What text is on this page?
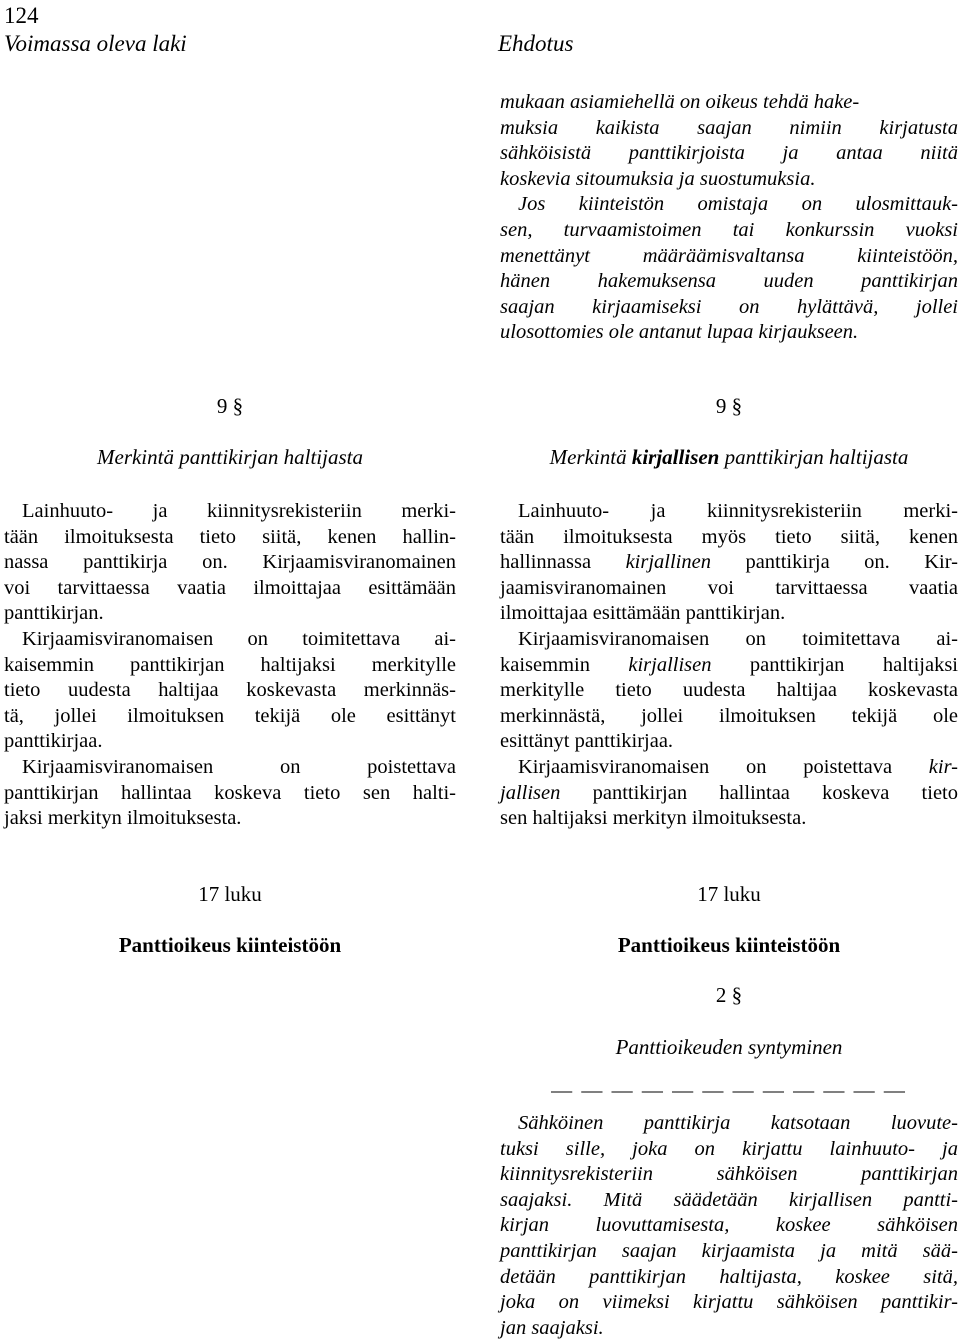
124
Voimassa oleva laki	Ehdotus
mukaan asiamiehellä on oikeus tehdä hake-
muksia kaikista saajan nimiin kirjatusta
sähköisistä panttikirjoista ja antaa niitä
koskevia sitoumuksia ja suostumuksia.
Jos kiinteistön omistaja on ulosmittauk-
sen, turvaamistoimen tai konkurssin vuoksi
menettänyt määräämisvaltansa kiinteistöön,
hänen hakemuksensa uuden panttikirjan
saajan kirjaamiseksi on hylättävä, jollei
ulosottomies ole antanut lupaa kirjaukseen.
9 §
Merkintä panttikirjan haltijasta
Lainhuuto- ja kiinnitysrekisteriin merki-
tään ilmoituksesta tieto siitä, kenen hallin-
nassa panttikirja on. Kirjaamisviranomainen
voi tarvittaessa vaatia ilmoittajaa esittämään
panttikirjan.
Kirjaamisviranomaisen on toimitettava ai-
kaisemmin panttikirjan haltijaksi merkitylle
tieto uudesta haltijaa koskevasta merkinnäs-
tä, jollei ilmoituksen tekijä ole esittänyt
panttikirjaa.
Kirjaamisviranomaisen on poistettava
panttikirjan hallintaa koskeva tieto sen halti-
jaksi merkityn ilmoituksesta.
9 §
Merkintä kirjallisen panttikirjan haltijasta
Lainhuuto- ja kiinnitysrekisteriin merki-
tään ilmoituksesta myös tieto siitä, kenen
hallinnassa kirjallinen panttikirja on. Kir-
jaamisviranomainen voi tarvittaessa vaatia
ilmoittajaa esittämään panttikirjan.
Kirjaamisviranomaisen on toimitettava ai-
kaisemmin kirjallisen panttikirjan haltijaksi
merkitylle tieto uudesta haltijaa koskevasta
merkinnästä, jollei ilmoituksen tekijä ole
esittänyt panttikirjaa.
Kirjaamisviranomaisen on poistettava kir-
jallisen panttikirjan hallintaa koskeva tieto
sen haltijaksi merkityn ilmoituksesta.
17 luku
Panttioikeus kiinteistöön
17 luku
Panttioikeus kiinteistöön
2 §
Panttioikeuden syntyminen
— — — — — — — — — — — —
Sähköinen panttikirja katsotaan luovute-
tuksi sille, joka on kirjattu lainhuuto- ja
kiinnitysrekisteriin sähköisen panttikirjan
saajaksi. Mitä säädetään kirjallisen pantti-
kirjan luovuttamisesta, koskee sähköisen
panttikirjan saajan kirjaamista ja mitä sää-
detään panttikirjan haltijasta, koskee sitä,
joka on viimeksi kirjattu sähköisen panttikir-
jan saajaksi.
